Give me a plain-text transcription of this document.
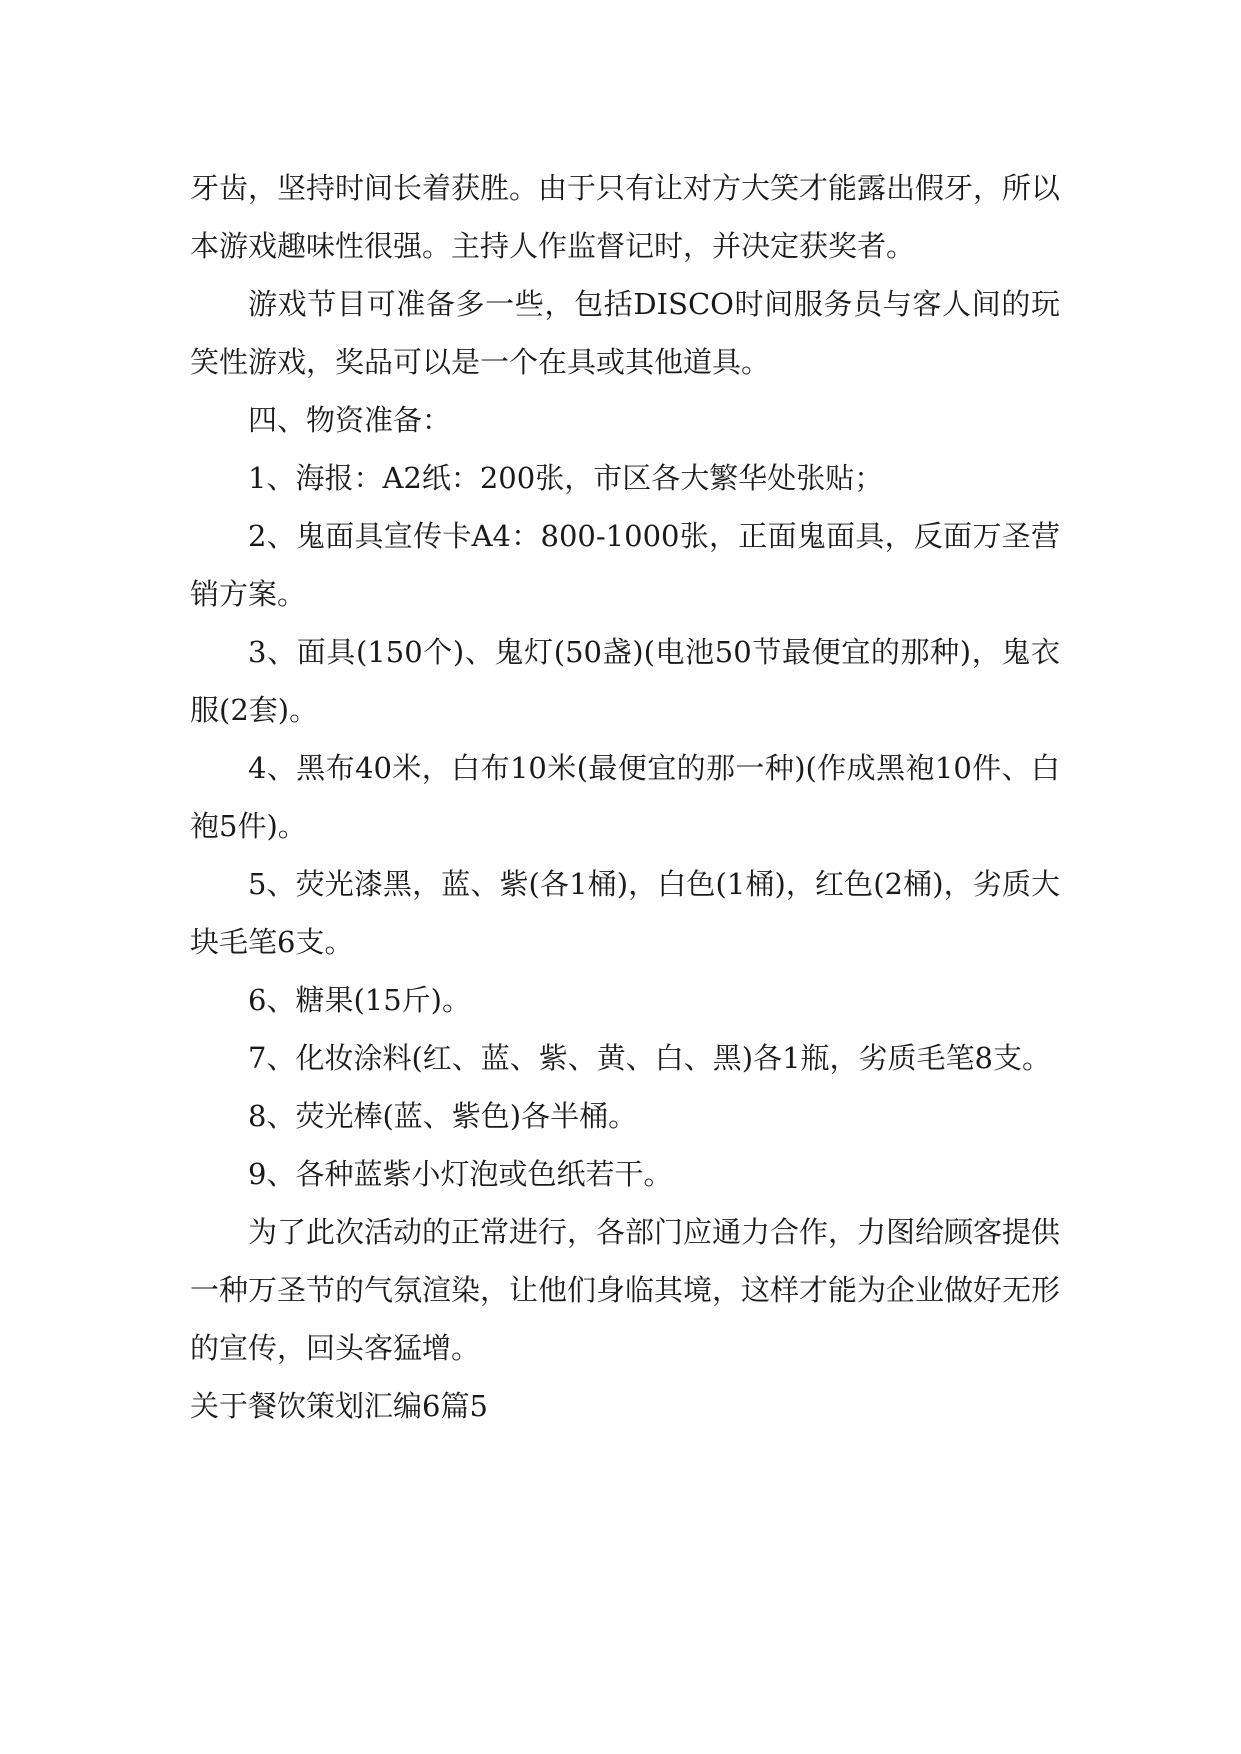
牙齿，坚持时间长着获胜。由于只有让对方大笑才能露出假牙，所以本游戏趣味性很强。主持人作监督记时，并决定获奖者。

游戏节目可准备多一些，包括DISCO时间服务员与客人间的玩笑性游戏，奖品可以是一个在具或其他道具。

四、物资准备：

1、海报：A2纸：200张，市区各大繁华处张贴；

2、鬼面具宣传卡A4：800-1000张，正面鬼面具，反面万圣营销方案。

3、面具(150个)、鬼灯(50盏)(电池50节最便宜的那种)，鬼衣服(2套)。

4、黑布40米，白布10米(最便宜的那一种)(作成黑袍10件、白袍5件)。

5、荧光漆黑，蓝、紫(各1桶)，白色(1桶)，红色(2桶)，劣质大块毛笔6支。

6、糖果(15斤)。

7、化妆涂料(红、蓝、紫、黄、白、黑)各1瓶，劣质毛笔8支。

8、荧光棒(蓝、紫色)各半桶。

9、各种蓝紫小灯泡或色纸若干。

为了此次活动的正常进行，各部门应通力合作，力图给顾客提供一种万圣节的气氛渲染，让他们身临其境，这样才能为企业做好无形的宣传，回头客猛增。

关于餐饮策划汇编6篇5
